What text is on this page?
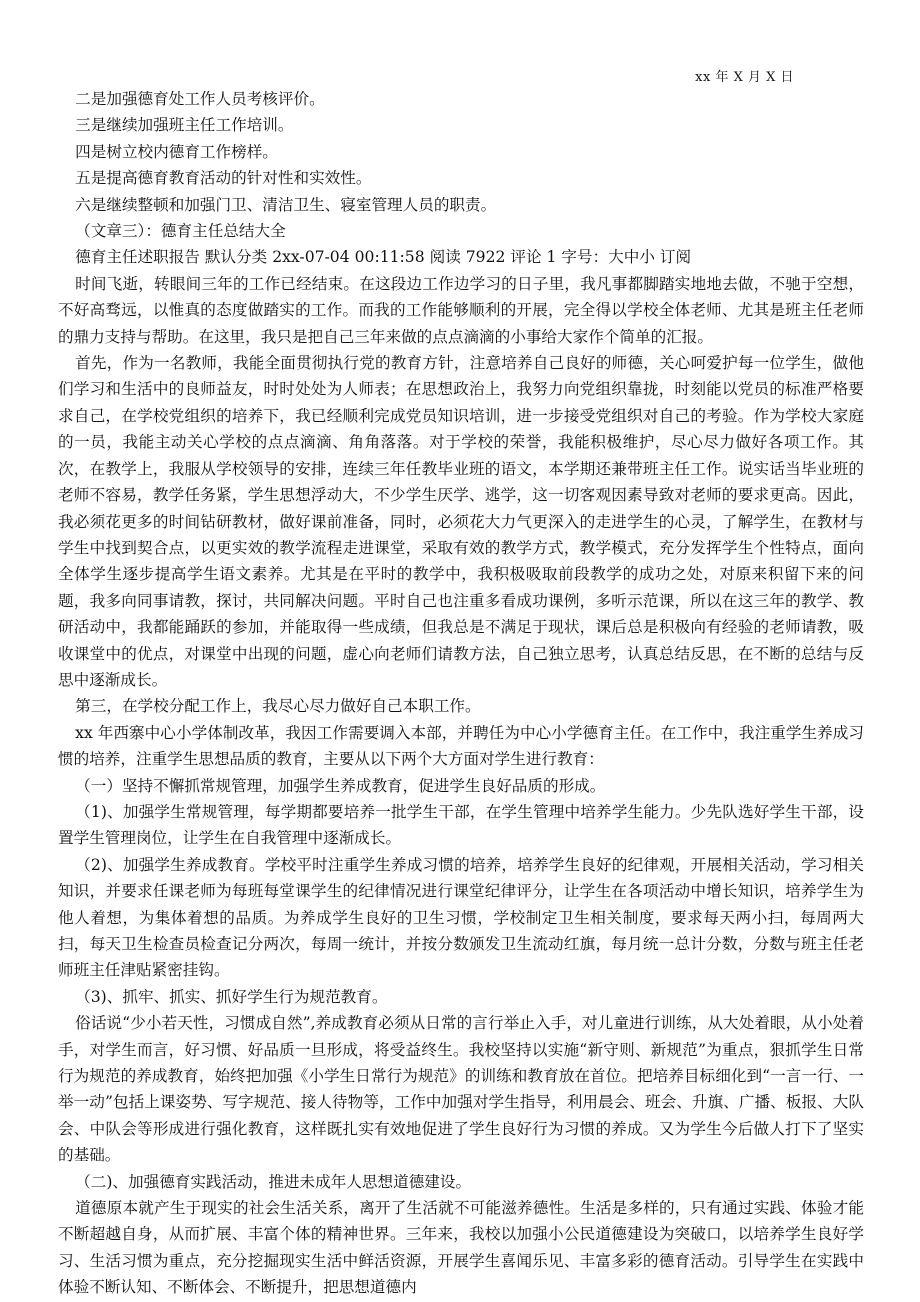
xx 年 X 月 X 日

二是加强德育处工作人员考核评价。

三是继续加强班主任工作培训。

四是树立校内德育工作榜样。

五是提高德育教育活动的针对性和实效性。

六是继续整顿和加强门卫、清洁卫生、寝室管理人员的职责。

（文章三）：德育主任总结大全

德育主任述职报告 默认分类 2xx-07-04 00:11:58 阅读 7922 评论 1 字号：大中小 订阅

时间飞逝，转眼间三年的工作已经结束。在这段边工作边学习的日子里，我凡事都脚踏实地地去做，不驰于空想，不好高骛远，以惟真的态度做踏实的工作。而我的工作能够顺利的开展，完全得以学校全体老师、尤其是班主任老师的鼎力支持与帮助。在这里，我只是把自己三年来做的点点滴滴的小事给大家作个简单的汇报。

首先，作为一名教师，我能全面贯彻执行党的教育方针，注意培养自己良好的师德，关心呵爱护每一位学生，做他们学习和生活中的良师益友，时时处处为人师表；在思想政治上，我努力向党组织靠拢，时刻能以党员的标准严格要求自己，在学校党组织的培养下，我已经顺利完成党员知识培训，进一步接受党组织对自己的考验。作为学校大家庭的一员，我能主动关心学校的点点滴滴、角角落落。对于学校的荣誉，我能积极维护，尽心尽力做好各项工作。其次，在教学上，我服从学校领导的安排，连续三年任教毕业班的语文，本学期还兼带班主任工作。说实话当毕业班的老师不容易，教学任务紧，学生思想浮动大，不少学生厌学、逃学，这一切客观因素导致对老师的要求更高。因此，我必须花更多的时间钻研教材，做好课前准备，同时，必须花大力气更深入的走进学生的心灵，了解学生，在教材与学生中找到契合点，以更实效的教学流程走进课堂，采取有效的教学方式，教学模式，充分发挥学生个性特点，面向全体学生逐步提高学生语文素养。尤其是在平时的教学中，我积极吸取前段教学的成功之处，对原来积留下来的问题，我多向同事请教，探讨，共同解决问题。平时自己也注重多看成功课例，多听示范课，所以在这三年的教学、教研活动中，我都能踊跃的参加，并能取得一些成绩，但我总是不满足于现状，课后总是积极向有经验的老师请教，吸收课堂中的优点，对课堂中出现的问题，虚心向老师们请教方法，自己独立思考，认真总结反思，在不断的总结与反思中逐渐成长。

第三，在学校分配工作上，我尽心尽力做好自己本职工作。

xx 年西寨中心小学体制改革，我因工作需要调入本部，并聘任为中心小学德育主任。在工作中，我注重学生养成习惯的培养，注重学生思想品质的教育，主要从以下两个大方面对学生进行教育：

（一）坚持不懈抓常规管理，加强学生养成教育，促进学生良好品质的形成。

（1)、加强学生常规管理，每学期都要培养一批学生干部，在学生管理中培养学生能力。少先队选好学生干部，设置学生管理岗位，让学生在自我管理中逐渐成长。

（2)、加强学生养成教育。学校平时注重学生养成习惯的培养，培养学生良好的纪律观，开展相关活动，学习相关知识，并要求任课老师为每班每堂课学生的纪律情况进行课堂纪律评分，让学生在各项活动中增长知识，培养学生为他人着想，为集体着想的品质。为养成学生良好的卫生习惯，学校制定卫生相关制度，要求每天两小扫，每周两大扫，每天卫生检查员检查记分两次，每周一统计，并按分数颁发卫生流动红旗，每月统一总计分数，分数与班主任老师班主任津贴紧密挂钩。

（3)、抓牢、抓实、抓好学生行为规范教育。

俗话说“少小若天性，习惯成自然”,养成教育必须从日常的言行举止入手，对儿童进行训练，从大处着眼，从小处着手，对学生而言，好习惯、好品质一旦形成，将受益终生。我校坚持以实施“新守则、新规范”为重点，狠抓学生日常行为规范的养成教育，始终把加强《小学生日常行为规范》的训练和教育放在首位。把培养目标细化到“一言一行、一举一动”包括上课姿势、写字规范、接人待物等，工作中加强对学生指导，利用晨会、班会、升旗、广播、板报、大队会、中队会等形成进行强化教育，这样既扎实有效地促进了学生良好行为习惯的养成。又为学生今后做人打下了坚实的基础。

（二)、加强德育实践活动，推进未成年人思想道德建设。

道德原本就产生于现实的社会生活关系，离开了生活就不可能滋养德性。生活是多样的，只有通过实践、体验才能不断超越自身，从而扩展、丰富个体的精神世界。三年来，我校以加强小公民道德建设为突破口，以培养学生良好学习、生活习惯为重点，充分挖掘现实生活中鲜活资源，开展学生喜闻乐见、丰富多彩的德育活动。引导学生在实践中体验不断认知、不断体会、不断提升，把思想道德内
